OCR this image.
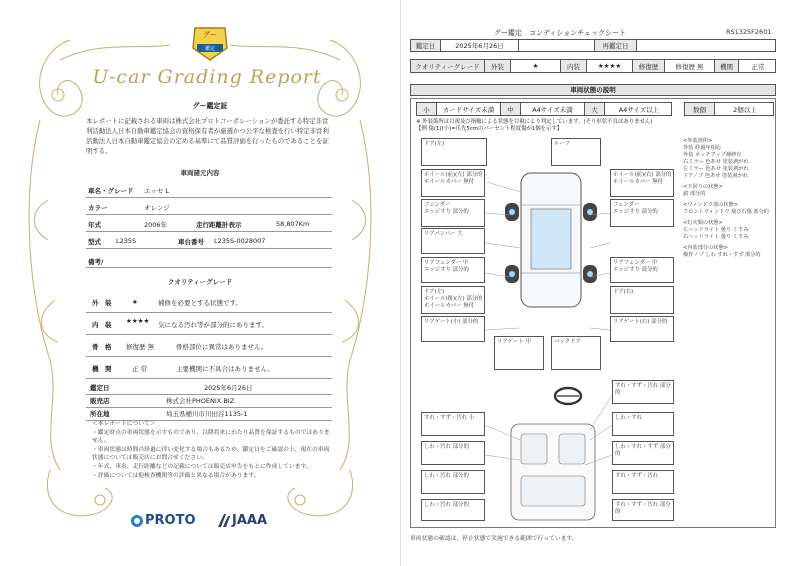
グー
鑑定
U-car Grading Report
グー鑑定証
本レポートに記載される車両は株式会社プロトコーポレーションが委託する特定非営利活動法人日本自動車鑑定協会の資格保有者が厳選かつ公平な検査を行い特定非営利活動法人日本自動車鑑定協会の定める基準にて品質評価を行ったものであることを証明する。
車両諸元内容
車名・グレード エッセ L
カラー	オレンジ
年式	2006年	走行距離計表示	58,807Km
型式 L235S	車台番号 L235S-0028007
備考/
クオリティーグレード
外　装	★	補修を必要とする状態です。
内　装 ★★★★ 気になる汚れ等が部分的にあります。
骨　格 修復歴 無	骨格部位に異常はありません。
機　関	正 常	主要機関に不具合はありません。
鑑定日	2025年6月26日
販売店	株式会社PHOENIX BIZ
所在地	埼玉県桶川市川田谷1135-1
＜本レポートについて＞
・鑑定時点の車両状態を示すものであり、以降将来にわたり品質を保証するものではありません。
・車両状態は時間の経過に伴い変化する場合もあるため、鑑定日をご確認の上、現在の車両状態については販売店にお問合せください。
・年式、車名、走行距離などの記載については販売店申告をもとに作成しています。
・評価については他検査機関等の評価と異なる場合があります。
PROTO	JAAA
グー鑑定　コンディションチェックシート	RS1325F2601
鑑定日	2025年6月26日	再鑑定日
クオリティーグレード	外装	★	内装	★★★★	修復歴	修復歴 無	機関	正常
車両状態の説明
小	カードサイズ未満	中	A4サイズ未満	大	A4サイズ以上	数個	2個以上
※ 外装箇所は目視及び指触による状態を目視により判定しています。(そり形状不良はありません)
【例 傷(1)(小)=爪先5cmのパーセント程度傷が1個を示す】
ドア(左)	ルーフ
ホイール(前)(左) 部分的
ホイールカバー 無付
ホイール(前)(右) 部分的
ホイールカバー 無付
フェンダー
エッジすり 部分的
フェンダー
エッジすり 部分的
リアバンパー 大
リアフェンダー 中
エッジすり 部分的
リアフェンダー 中
エッジすり 部分的
ドア(左)
ホイール(後)(左) 部分的
ホイールカバー 無付
ドア(右)
リアゲート(小) 部分的	リアゲート(右) 部分的
リアゲート 中	バックドア
すれ・すず・汚れ 部分的
すれ・すず・汚れ 小	しわ・すれ
しわ・汚れ 部分的	しわ・すれ・すず 部分的
しわ・汚れ 部分的	すれ・すず・汚れ
しわ・汚れ 部分的	すれ・すず・汚れ 部分的
<外装箇所>
外装 経過年相応
外装 ネッチアップ補修有
右ミラー 色あせ 塗装剥がれ
左ミラー 色あせ 塗装剥がれ
ドアノブ 色あせ 塗装剥がれ
<下回りの状態>
錆 部分的
<ウィンドウ部の状態>
フロントウィンドウ 飛び石傷 部分的
<灯火類の状態>
左ヘッドライト 曇り くすみ
右ヘッドライト 曇り くすみ
<内装部分の状態>
操作ノブ しわ すれ・すず 部分的
車両状態の確認は、停止状態で実施できる範囲で行っています。
